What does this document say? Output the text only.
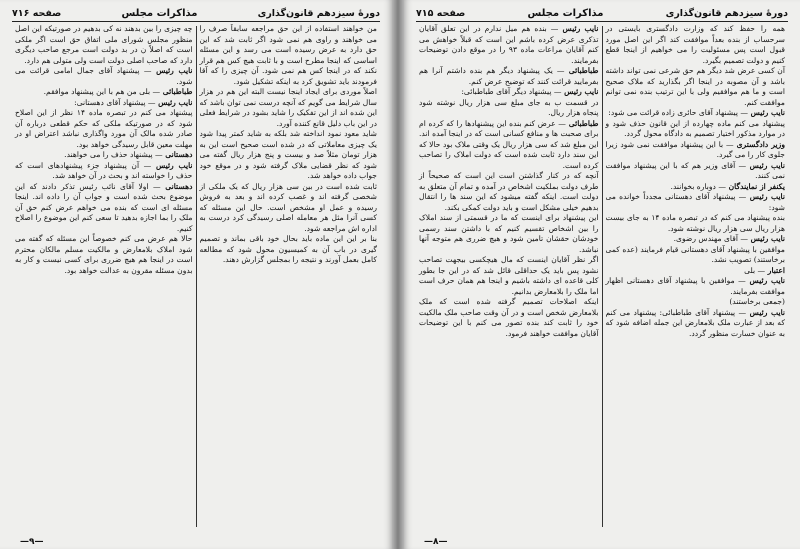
دورهٔ سیزدهم قانون‌گذاری
مذاکرات مجلس
صفحه ۷۱۶

من خواهند استفاده از این حق مراجعه سابقاً صرف را می خواهند و راوی هم نمی شود اگر ثابت شد که این حق دارد به عرض رسیده است می رسد و این مسئله اساسی که اینجا مطرح است و با ثابت هیچ کس هم قرار نکند که در اینجا کس هم نمی شود. آن چیزی را که آقا فرمودند باید تشویق کرد به اینکه تشکیل شود.

اصلاً موردی برای ایجاد اینجا نیست البته این هم در هزار سال شرایط می گویم که آنچه درست نمی توان باشد که این شده اند از این تفکیک را شاید بشود در شرایط فعلی در این باب دلیل قانع کننده آورد.

شاید معود نمود انداخته شد بلکه به شاید کمتر پیدا شود یک چیزی معاملاتی که در شده است صحیح است این به هزار تومان مثلاً صد و بیست و پنج هزار ریال گفته می شود که نظر قضایی ملاک گرفته شود و در موقع خود جواب داده خواهد شد.

ثابت شده است در بین سی هزار ریال که یک ملکی از شخصی گرفته اند و غصب کرده اند و بعد به فروش رسیده و عمل او مشخص است. حال این مسئله که کسی آنرا مثل هر معامله اصلی رسیدگی کرد درست به اداره اش مراجعه شود.

بنا بر این این ماده باید بحال خود باقی بماند و تصمیم گیری در باب آن به کمیسیون محول شود که مطالعه کامل بعمل آورند و نتیجه را بمجلس گزارش دهند.

چه چیزی را بین بدهند نه کی بدهیم در صورتیکه این اصل منظور مجلس شورای ملی اتفاق حق است اگر ملکی است که اصلاً ن در بد دولت است مرجع صاحب دیگری دارد که صاحب اصلی دولت است ولی متولی هم دارد.

نایب رئیس — پیشنهاد آقای جمال امامی قرائت می شود.

طباطبائی — بلی من هم با این پیشنهاد موافقم.

نایب رئیس — پیشنهاد آقای دهستانی:

پیشنهاد می کنم در تبصره ماده ۱۴ نظر از این اصلاح شود که در صورتیکه ملکی که حکم قطعی درباره آن صادر شده مالک آن مورد واگذاری نباشد اعتراض او در مهلت معین قابل رسیدگی خواهد بود.

دهستانی — پیشنهاد حذف را می خواهند.

نایب رئیس — آن پیشنهاد جزء پیشنهادهای است که حذف را خواسته اند و بحث در آن خواهد شد.

دهستانی — اولا آقای نائب رئیس تذکر دادند که این موضوع بحث شده است و جواب آن را داده اند. اینجا مسئله ای است که بنده می خواهم عرض کنم حق آن ملک را بما اجازه بدهید تا سعی کنم این موضوع را اصلاح کنیم.

حالا هم عرض می کنم خصوصاً این مسئله که گفته می شود املاک بلامعارض و مالکیت مسلم مالکان محترم است در اینجا هم هیچ ضرری برای کسی نیست و کار به بدون مسئله مقرون به عدالت خواهد بود.

—۹—
دورهٔ سیزدهم قانون‌گذاری
مذاکرات مجلس
صفحه ۷۱۵

همه را حفظ کند که وزارت دادگستری بایستی در سرحساب از بنده بعداً موافقت کند اگر این اصل مورد قبول است پس مسئولیت را می خواهیم از اینجا قطع کنیم و دولت تصمیم بگیرد.

آن کسی عرض شد دیگر هم حق شرعی نمی تواند داشته باشد و آن مصوبه در اینجا اگر بگذارید که ملاک صحیح است و ما هم موافقیم ولی با این ترتیب بنده نمی توانم موافقت کنم.

نایب رئیس — پیشنهاد آقای حائری زاده قرائت می شود:

پیشنهاد می کنم ماده چهارده از این قانون حذف شود و در موارد مذکور اختیار تصمیم به دادگاه محول گردد.

وزیر دادگستری — با این پیشنهاد موافقت نمی شود زیرا جلوی کار را می گیرد.

نایب رئیس — آقای وزیر هم که با این پیشنهاد موافقت نمی کنند.

یکنفر از نمایندگان — دوباره بخوانند.

نایب رئیس — پیشنهاد آقای دهستانی مجدداً خوانده می شود:

بنده پیشنهاد می کنم که در تبصره ماده ۱۴ به جای بیست هزار ریال سی هزار ریال نوشته شود.

نایب رئیس — آقای مهندس رضوی.

موافقین با پیشنهاد آقای دهستانی قیام فرمایند (عده کمی برخاستند) تصویب نشد.

اعتبار — بلی

نایب رئیس — موافقین با پیشنهاد آقای دهستانی اظهار موافقت بفرمایند.

(جمعی برخاستند)

نایب رئیس — پیشنهاد آقای طباطبائی: پیشنهاد می کنم که بعد از عبارت ملک بلامعارض این جمله اضافه شود که به عنوان خسارت منظور گردد.

نایب رئیس — بنده هم میل ندارم در این تعلق آقایان تذکری عرض کرده باشم این است که قبلاً خواهش می کنم آقایان مراعات ماده ۹۳ را در موقع دادن توضیحات بفرمایند.

طباطبائی — یک پیشنهاد دیگر هم بنده داشتم آنرا هم بفرمایید قرائت کنند که توضیح عرض کنم.

نایب رئیس — پیشنهاد دیگر آقای طباطبائی:

در قسمت ب به جای مبلغ سی هزار ریال نوشته شود پنجاه هزار ریال.

طباطبائی — عرض کنم بنده این پیشنهادها را که کرده ام برای صحبت ها و منافع کسانی است که در اینجا آمده اند. این مبلغ شد که سی هزار ریال یک وقتی ملاک بود حالا که این سند دارد ثابت شده است که دولت املاک را تصاحب کرده است.

آنچه که در کنار گذاشتن است این است که صحیحاً از طرف دولت بملکیت اشخاص در آمده و تمام آن متعلق به دولت است. اینکه گفته میشود که این سند ها را انتقال بدهیم خیلی مشکل است و باید دولت کمکی بکند.

این پیشنهاد برای اینست که ما در قسمتی از سند املاک را بین اشخاص تقسیم کنیم که با داشتن سند رسمی خودشان حقشان تامین شود و هیچ ضرری هم متوجه آنها نباشد.

اگر نظر آقایان اینست که مال هیچکسی بیجهت تصاحب نشود پس باید یک حداقلی قائل شد که در این جا بطور کلی قاعده ای داشته باشیم و اینجا هم همان حرف است اما ملک را بلامعارض بدانیم.

اینکه اصلاحات تصمیم گرفته شده است که ملک بلامعارض شخص است و در آن وقت صاحب ملک مالکیت خود را ثابت کند بنده تصور می کنم با این توضیحات آقایان موافقت خواهند فرمود.

—۸—
